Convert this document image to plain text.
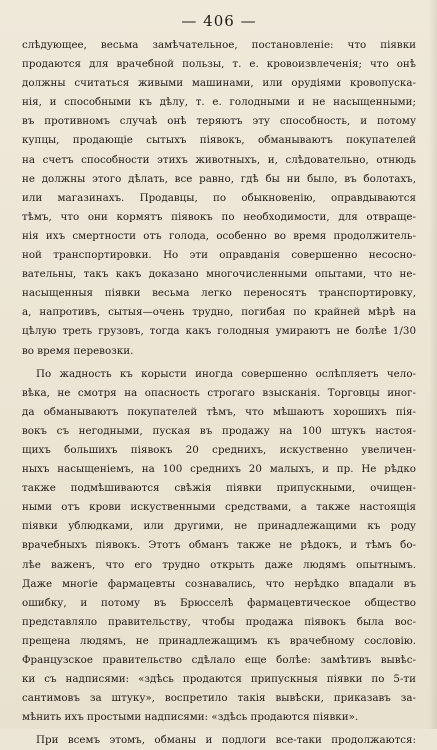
— 406 —
слѣдующее, весьма замѣчательное, постановленіе: что піявки
продаются для врачебной пользы, т. е. кровоизвлеченія; что онѣ
должны считаться живыми машинами, или орудіями кровопуска-
нія, и способными къ дѣлу, т. е. голодными и не насыщенными;
въ противномъ случаѣ онѣ теряютъ эту способность, и потому
купцы, продающіе сытыхъ піявокъ, обманываютъ покупателей
на счетъ способности этихъ животныхъ, и, слѣдовательно, отнюдь
не должны этого дѣлать, все равно, гдѣ бы ни было, въ болотахъ,
или магазинахъ. Продавцы, по обыкновенію, оправдываются
тѣмъ, что они кормятъ піявокъ по необходимости, для отвраще-
нія ихъ смертности отъ голода, особенно во время продолжитель-
ной транспортировки. Но эти оправданія совершенно несосно-
вательны, такъ какъ доказано многочисленными опытами, что не-
насыщенныя піявки весьма легко переносятъ транспортировку,
а, напротивъ, сытыя—очень трудно, погибая по крайней мѣрѣ на
цѣлую треть грузовъ, тогда какъ голодныя умираютъ не болѣе 1/30
во время перевозки.
По жадность къ корысти иногда совершенно ослѣпляетъ чело-
вѣка, не смотря на опасность строгаго взысканія. Торговцы иног-
да обманываютъ покупателей тѣмъ, что мѣшаютъ хорошихъ пія-
вокъ съ негодными, пуская въ продажу на 100 штукъ настоя-
щихъ большихъ піявокъ 20 среднихъ, искуственно увеличен-
ныхъ насыщеніемъ, на 100 среднихъ 20 малыхъ, и пр. Не рѣдко
также подмѣшиваются свѣжія піявки припускными, очищен-
ными отъ крови искуственными средствами, а также настоящія
піявки ублюдками, или другими, не принадлежащими къ роду
врачебныхъ піявокъ. Этотъ обманъ также не рѣдокъ, и тѣмъ бо-
лѣе важенъ, что его трудно открыть даже людямъ опытнымъ.
Даже многіе фармацевты сознавались, что нерѣдко впадали въ
ошибку, и потому въ Брюсселѣ фармацевтическое общество
представляло правительству, чтобы продажа піявокъ была вос-
прещена людямъ, не принадлежащимъ къ врачебному сословію.
Французское правительство сдѣлало еще болѣе: замѣтивъ вывѣс-
ки съ надписями: «здѣсь продаются припускныя піявки по 5-ти
сантимовъ за штуку», воспретило такія вывѣски, приказавъ за-
мѣнить ихъ простыми надписями: «здѣсь продаются піявки».
При всемъ этомъ, обманы и подлоги все-таки продолжаются:
